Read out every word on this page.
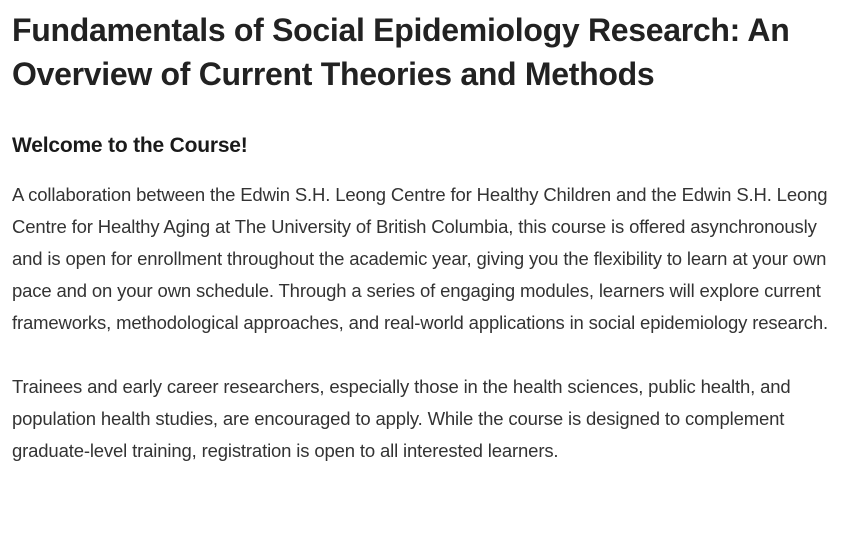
Fundamentals of Social Epidemiology Research: An Overview of Current Theories and Methods
Welcome to the Course!

A collaboration between the Edwin S.H. Leong Centre for Healthy Children and the Edwin S.H. Leong Centre for Healthy Aging at The University of British Columbia, this course is offered asynchronously and is open for enrollment throughout the academic year, giving you the flexibility to learn at your own pace and on your own schedule. Through a series of engaging modules, learners will explore current frameworks, methodological approaches, and real-world applications in social epidemiology research.

Trainees and early career researchers, especially those in the health sciences, public health, and population health studies, are encouraged to apply. While the course is designed to complement graduate-level training, registration is open to all interested learners.
